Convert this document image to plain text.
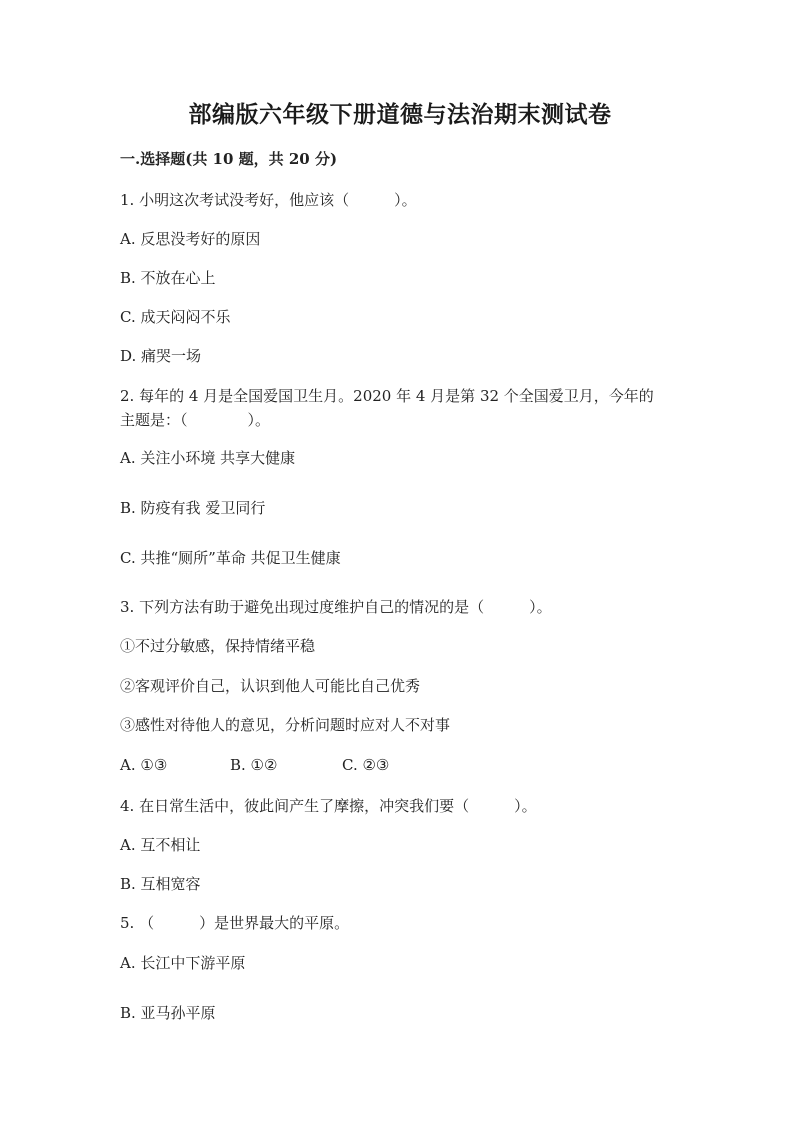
部编版六年级下册道德与法治期末测试卷
一.选择题(共 10 题，共 20 分)
1. 小明这次考试没考好，他应该（　　　）。
A. 反思没考好的原因
B. 不放在心上
C. 成天闷闷不乐
D. 痛哭一场
2. 每年的 4 月是全国爱国卫生月。2020 年 4 月是第 32 个全国爱卫月，今年的
主题是：（　　　　）。
A. 关注小环境 共享大健康
B. 防疫有我 爱卫同行
C. 共推“厕所”革命 共促卫生健康
3. 下列方法有助于避免出现过度维护自己的情况的是（　　　）。
①不过分敏感，保持情绪平稳
②客观评价自己，认识到他人可能比自己优秀
③感性对待他人的意见，分析问题时应对人不对事
A. ①③	B. ①②	C. ②③
4. 在日常生活中，彼此间产生了摩擦，冲突我们要（　　　）。
A. 互不相让
B. 互相宽容
5. （　　　）是世界最大的平原。
A. 长江中下游平原
B. 亚马孙平原
